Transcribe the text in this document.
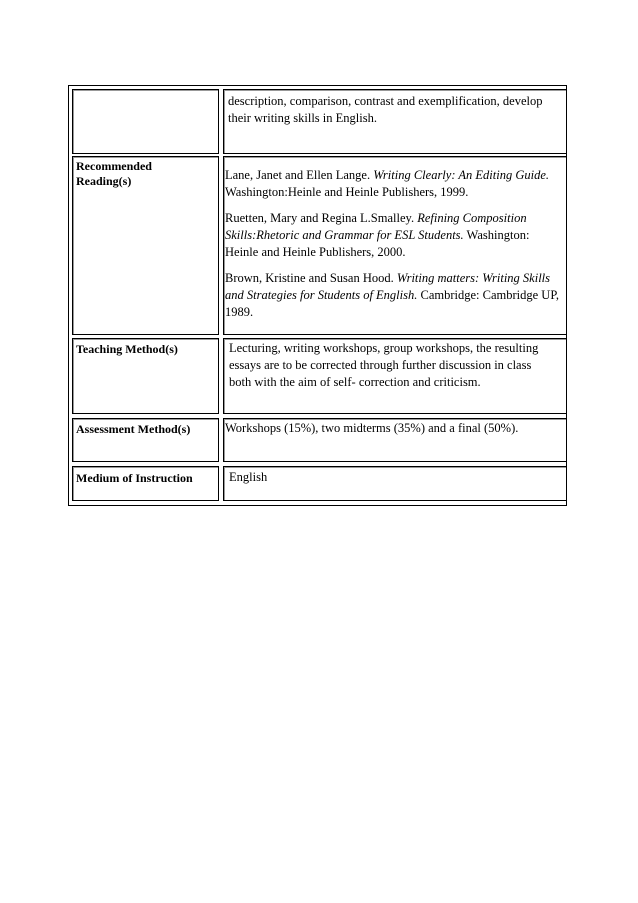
description, comparison, contrast and exemplification, develop their writing skills in English.
Recommended
Reading(s)	Lane, Janet and Ellen Lange. Writing Clearly: An Editing Guide. Washington:Heinle and Heinle Publishers, 1999.

Ruetten, Mary and Regina L.Smalley. Refining Composition Skills:Rhetoric and Grammar for ESL Students. Washington: Heinle and Heinle Publishers, 2000.

Brown, Kristine and Susan Hood. Writing matters: Writing Skills and Strategies for Students of English. Cambridge: Cambridge UP, 1989.

Teaching Method(s)	Lecturing, writing workshops, group workshops, the resulting essays are to be corrected through further discussion in class both with the aim of self- correction and criticism.
Assessment Method(s)	Workshops (15%), two midterms (35%) and a final (50%).
Medium of Instruction	English
